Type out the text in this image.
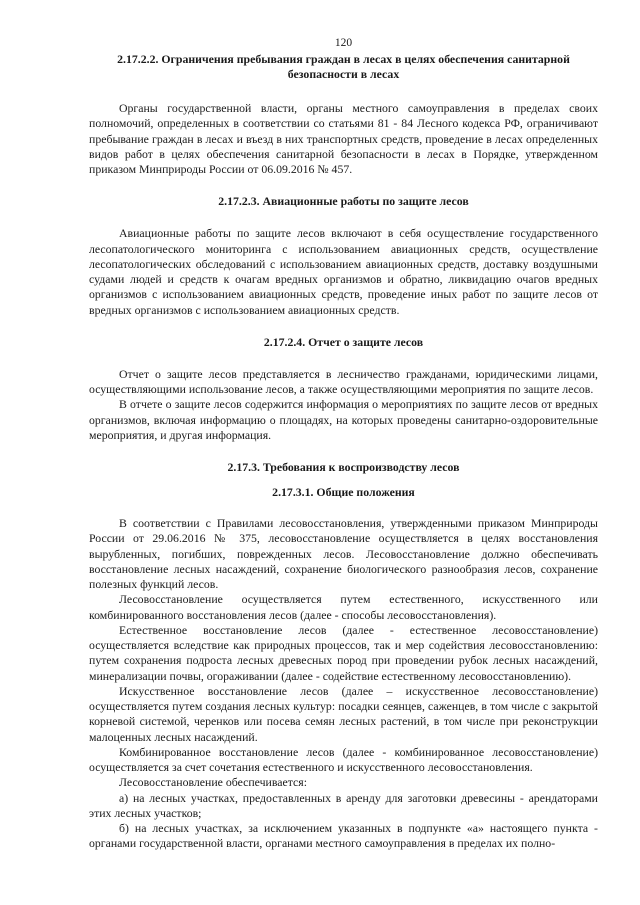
120
2.17.2.2. Ограничения пребывания граждан в лесах в целях обеспечения санитарной безопасности в лесах

Органы государственной власти, органы местного самоуправления в пределах своих полномочий, определенных в соответствии со статьями 81 - 84 Лесного кодекса РФ, ограничивают пребывание граждан в лесах и въезд в них транспортных средств, проведение в лесах определенных видов работ в целях обеспечения санитарной безопасности в лесах в Порядке, утвержденном приказом Минприроды России от 06.09.2016 № 457.

2.17.2.3. Авиационные работы по защите лесов

Авиационные работы по защите лесов включают в себя осуществление государственного лесопатологического мониторинга с использованием авиационных средств, осуществление лесопатологических обследований с использованием авиационных средств, доставку воздушными судами людей и средств к очагам вредных организмов и обратно, ликвидацию очагов вредных организмов с использованием авиационных средств, проведение иных работ по защите лесов от вредных организмов с использованием авиационных средств.

2.17.2.4. Отчет о защите лесов

Отчет о защите лесов представляется в лесничество гражданами, юридическими лицами, осуществляющими использование лесов, а также осуществляющими мероприятия по защите лесов.

В отчете о защите лесов содержится информация о мероприятиях по защите лесов от вредных организмов, включая информацию о площадях, на которых проведены санитарно-оздоровительные мероприятия, и другая информация.

2.17.3. Требования к воспроизводству лесов
2.17.3.1. Общие положения

В соответствии с Правилами лесовосстановления, утвержденными приказом Минприроды России от 29.06.2016 № 375, лесовосстановление осуществляется в целях восстановления вырубленных, погибших, поврежденных лесов. Лесовосстановление должно обеспечивать восстановление лесных насаждений, сохранение биологического разнообразия лесов, сохранение полезных функций лесов.

Лесовосстановление осуществляется путем естественного, искусственного или комбинированного восстановления лесов (далее - способы лесовосстановления).

Естественное восстановление лесов (далее - естественное лесовосстановление) осуществляется вследствие как природных процессов, так и мер содействия лесовосстановлению: путем сохранения подроста лесных древесных пород при проведении рубок лесных насаждений, минерализации почвы, огораживании (далее - содействие естественному лесовосстановлению).

Искусственное восстановление лесов (далее – искусственное лесовосстановление) осуществляется путем создания лесных культур: посадки сеянцев, саженцев, в том числе с закрытой корневой системой, черенков или посева семян лесных растений, в том числе при реконструкции малоценных лесных насаждений.

Комбинированное восстановление лесов (далее - комбинированное лесовосстановление) осуществляется за счет сочетания естественного и искусственного лесовосстановления.

Лесовосстановление обеспечивается:

а) на лесных участках, предоставленных в аренду для заготовки древесины - арендаторами этих лесных участков;

б) на лесных участках, за исключением указанных в подпункте «а» настоящего пункта - органами государственной власти, органами местного самоуправления в пределах их полно-
